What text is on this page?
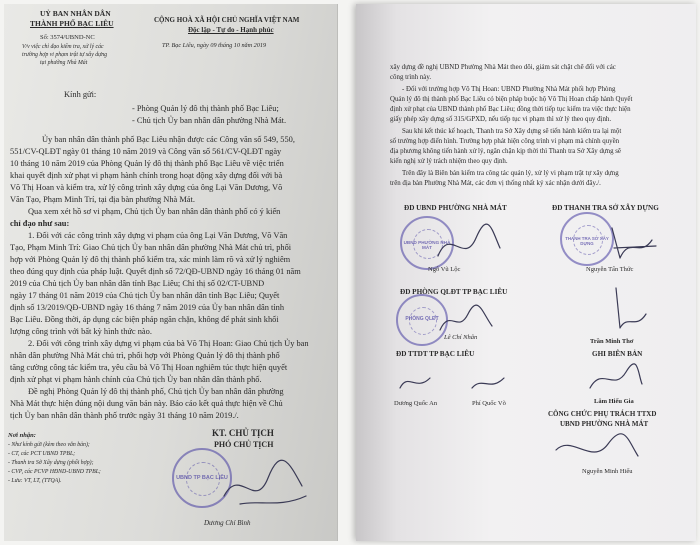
UỶ BAN NHÂN DÂN
THÀNH PHỐ BẠC LIÊU
Số: 3574/UBND-NC
V/v việc chỉ đạo kiểm tra, xử lý các
trường hợp vi phạm trật tự xây dựng
tại phường Nhà Mát
CỘNG HOÀ XÃ HỘI CHỦ NGHĨA VIỆT NAM
Độc lập - Tự do - Hạnh phúc
TP. Bạc Liêu, ngày 09 tháng 10 năm 2019
Kính gửi:
- Phòng Quản lý đô thị thành phố Bạc Liêu;
- Chủ tịch Ủy ban nhân dân phường Nhà Mát.
Ủy ban nhân dân thành phố Bạc Liêu nhận được các Công văn số 549, 550,
551/CV-QLĐT ngày 01 tháng 10 năm 2019 và Công văn số 561/CV-QLĐT ngày
10 tháng 10 năm 2019 của Phòng Quản lý đô thị thành phố Bạc Liêu về việc triển
khai quyết định xử phạt vi phạm hành chính trong hoạt động xây dựng đối với bà
Võ Thị Hoan và kiểm tra, xử lý công trình xây dựng của ông Lại Văn Dương, Võ
Văn Tạo, Phạm Minh Trí, tại địa bàn phường Nhà Mát.
Qua xem xét hồ sơ vi phạm, Chủ tịch Ủy ban nhân dân thành phố có ý kiến
chỉ đạo như sau:
1. Đối với các công trình xây dựng vi phạm của ông Lại Văn Dương, Võ Văn
Tạo, Phạm Minh Trí: Giao Chủ tịch Ủy ban nhân dân phường Nhà Mát chủ trì, phối
hợp với Phòng Quản lý đô thị thành phố kiểm tra, xác minh làm rõ và xử lý nghiêm
theo đúng quy định của pháp luật. Quyết định số 72/QĐ-UBND ngày 16 tháng 01 năm
2019 của Chủ tịch Ủy ban nhân dân tỉnh Bạc Liêu; Chỉ thị số 02/CT-UBND
ngày 17 tháng 01 năm 2019 của Chủ tịch Ủy ban nhân dân tỉnh Bạc Liêu; Quyết
định số 13/2019/QĐ-UBND ngày 16 tháng 7 năm 2019 của Ủy ban nhân dân tỉnh
Bạc Liêu. Đồng thời, áp dụng các biện pháp ngăn chặn, không để phát sinh khối
lượng công trình với bất kỳ hình thức nào.
2. Đối với công trình xây dựng vi phạm của bà Võ Thị Hoan: Giao Chủ tịch Ủy ban
nhân dân phường Nhà Mát chủ trì, phối hợp với Phòng Quản lý đô thị thành phố
tăng cường công tác kiểm tra, yêu cầu bà Võ Thị Hoan nghiêm túc thực hiện quyết
định xử phạt vi phạm hành chính của Chủ tịch Ủy ban nhân dân thành phố.
Đề nghị Phòng Quản lý đô thị thành phố, Chủ tịch Ủy ban nhân dân phường
Nhà Mát thực hiện đúng nội dung văn bản này. Báo cáo kết quả thực hiện về Chủ
tịch Ủy ban nhân dân thành phố trước ngày 31 tháng 10 năm 2019./.
Nơi nhận:
- Như kính gửi (kèm theo văn bản);
- CT, các PCT UBND TPBL;
- Thanh tra Sở Xây dựng (phối hợp);
- CVP, các PCVP HĐND-UBND TPBL;
- Lưu: VT, LT, (TTQA).
KT. CHỦ TỊCH
PHÓ CHỦ TỊCH
UBND TP BẠC LIÊU
Dương Chí Bình
xây dựng đề nghị UBND Phường Nhà Mát theo dõi, giám sát chặt chẽ đối với các
công trình này.
- Đối với trường hợp Võ Thị Hoan: UBND Phường Nhà Mát phối hợp Phòng
Quản lý đô thị thành phố Bạc Liêu có biện pháp buộc hộ Võ Thị Hoan chấp hành Quyết
định xử phạt của UBND thành phố Bạc Liêu; đồng thời tiếp tục kiểm tra việc thực hiện
giấy phép xây dựng số 315/GPXD, nếu tiếp tục vi phạm thì xử lý theo quy định.
Sau khi kết thúc kế hoạch, Thanh tra Sở Xây dựng sẽ tiến hành kiểm tra lại một
số trường hợp điển hình. Trường hợp phát hiện công trình vi phạm mà chính quyền
địa phương không tiến hành xử lý, ngăn chặn kịp thời thì Thanh tra Sở Xây dựng sẽ
kiến nghị xử lý trách nhiệm theo quy định.
Trên đây là Biên bản kiểm tra công tác quản lý, xử lý vi phạm trật tự xây dựng
trên địa bàn Phường Nhà Mát, các đơn vị thống nhất ký xác nhận dưới đây./.
ĐD UBND PHƯỜNG NHÀ MÁT	ĐD THANH TRA SỞ XÂY DỰNG
UBND PHƯỜNG NHÀ MÁT
Ngô Vũ Lộc
THANH TRA SỞ XÂY DỰNG
Nguyễn Tấn Thức
ĐD PHÒNG QLĐT TP BẠC LIÊU
PHÒNG QLĐT
Lê Chí Nhân
Trần Minh Thơ
GHI BIÊN BẢN
ĐD TTDT TP BẠC LIÊU
Dương Quốc An	Phí Quốc Võ	Lâm Hiếu Gia
CÔNG CHỨC PHỤ TRÁCH TTXD
UBND PHƯỜNG NHÀ MÁT
Nguyễn Minh Hiếu
